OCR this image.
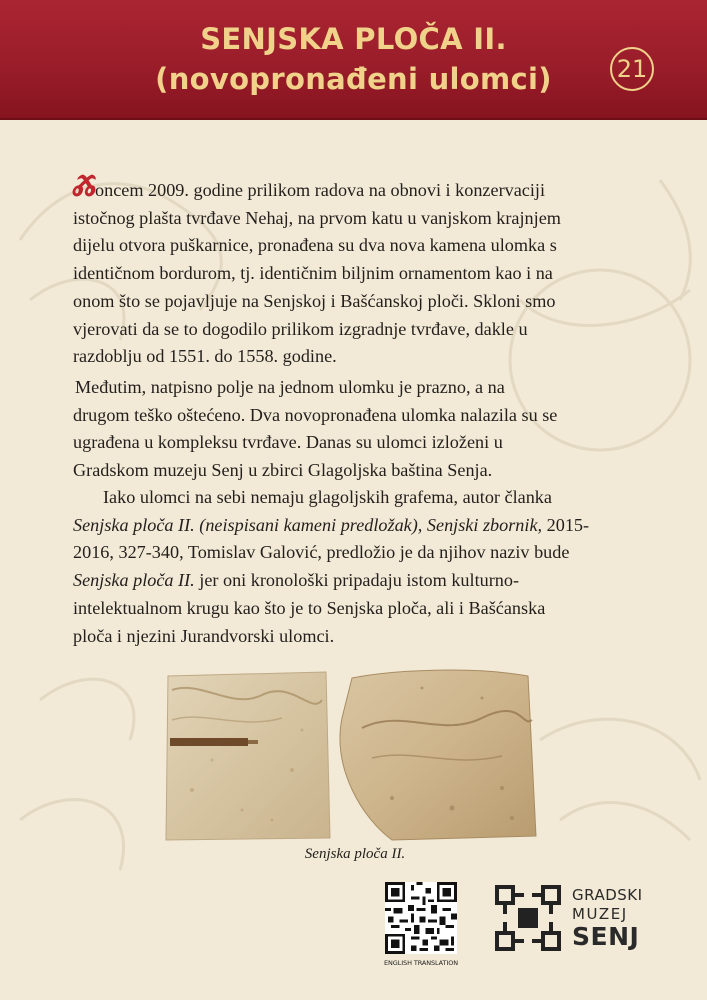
SENJSKA PLOČA II.
(novopronađeni ulomci)	21
Ⰶoncem 2009. godine prilikom radova na obnovi i konzervaciji
istočnog plašta tvrđave Nehaj, na prvom katu u vanjskom krajnjem
dijelu otvora puškarnice, pronađena su dva nova kamena ulomka s
identičnom bordurom, tj. identičnim biljnim ornamentom kao i na
onom što se pojavljuje na Senjskoj i Bašćanskoj ploči. Skloni smo
vjerovati da se to dogodilo prilikom izgradnje tvrđave, dakle u
razdoblju od 1551. do 1558. godine.
Međutim, natpisno polje na jednom ulomku je prazno, a na
drugom teško oštećeno. Dva novopronađena ulomka nalazila su se
ugrađena u kompleksu tvrđave. Danas su ulomci izloženi u
Gradskom muzeju Senj u zbirci Glagoljska baština Senja.
Iako ulomci na sebi nemaju glagoljskih grafema, autor članka
Senjska ploča II. (neispisani kameni predložak), Senjski zbornik, 2015-
2016, 327-340, Tomislav Galović, predložio je da njihov naziv bude
Senjska ploča II. jer oni kronološki pripadaju istom kulturno-
intelektualnom krugu kao što je to Senjska ploča, ali i Bašćanska
ploča i njezini Jurandvorski ulomci.
Senjska ploča II.
ENGLISH TRANSLATION
GRADSKI
MUZEJ
SENJ
